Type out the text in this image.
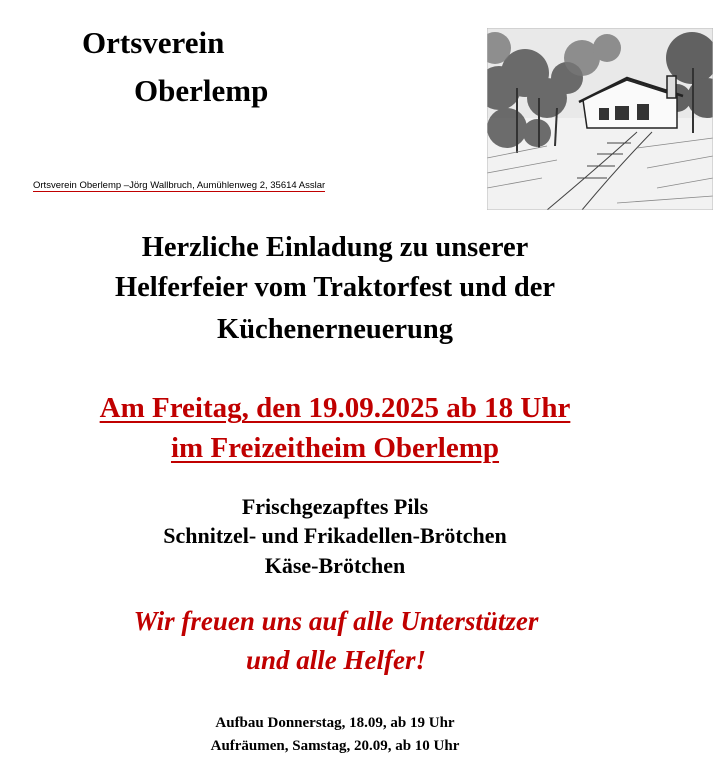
Ortsverein
Oberlemp
Ortsverein Oberlemp –Jörg Wallbruch, Aumühlenweg 2, 35614 Asslar
Herzliche Einladung zu unserer
Helferfeier vom Traktorfest und der
Küchenerneuerung
Am Freitag, den 19.09.2025 ab 18 Uhr
im Freizeitheim Oberlemp
Frischgezapftes Pils
Schnitzel- und Frikadellen-Brötchen
Käse-Brötchen
Wir freuen uns auf alle Unterstützer
und alle Helfer!
Aufbau Donnerstag, 18.09, ab 19 Uhr
Aufräumen, Samstag, 20.09, ab 10 Uhr
